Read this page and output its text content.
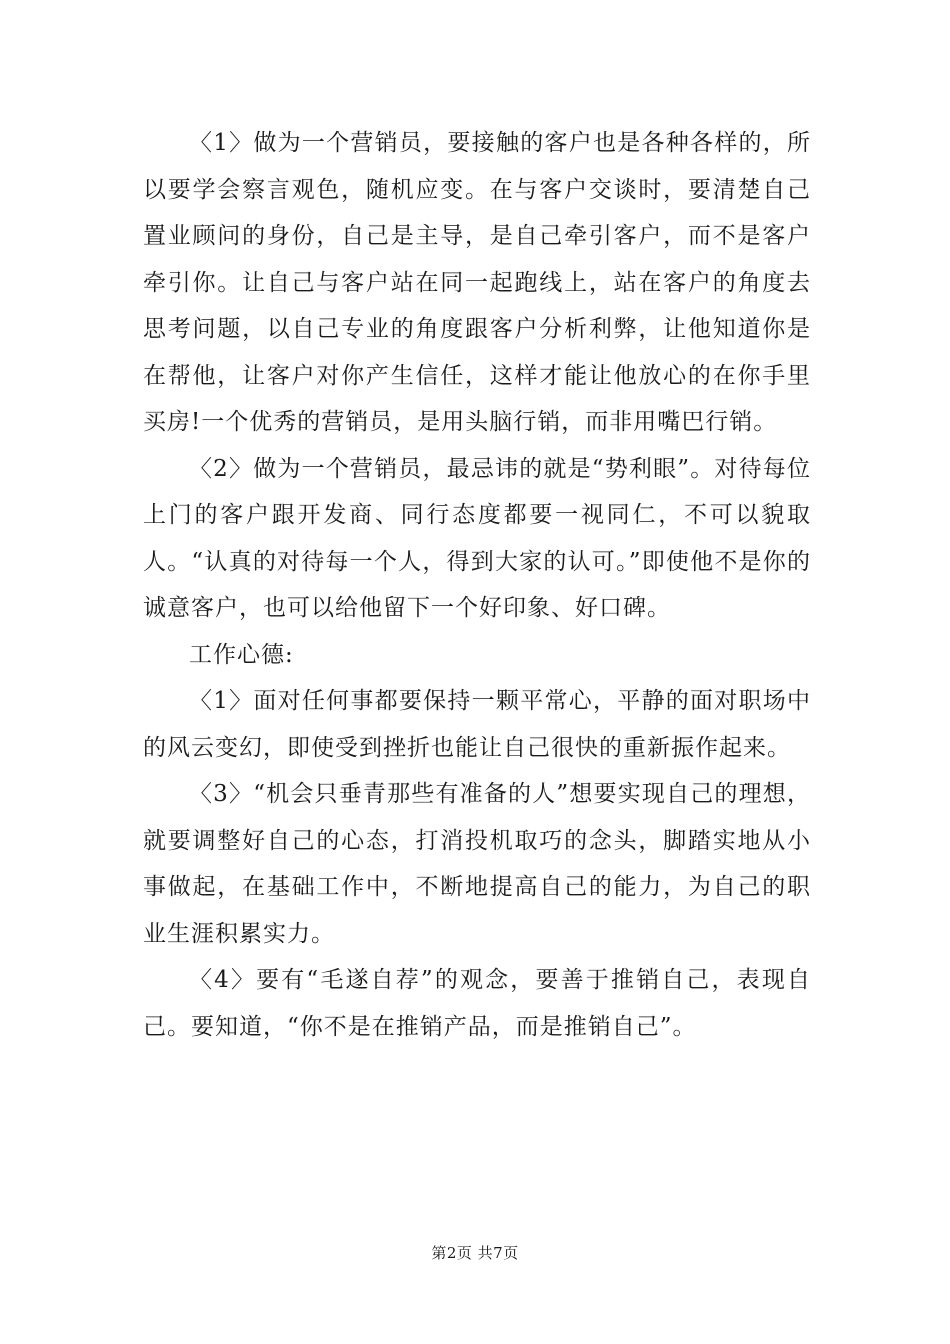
〈1〉做为一个营销员，要接触的客户也是各种各样的，所以要学会察言观色，随机应变。在与客户交谈时，要清楚自己置业顾问的身份，自己是主导，是自己牵引客户，而不是客户牵引你。让自己与客户站在同一起跑线上，站在客户的角度去思考问题，以自己专业的角度跟客户分析利弊，让他知道你是在帮他，让客户对你产生信任，这样才能让他放心的在你手里买房!一个优秀的营销员，是用头脑行销，而非用嘴巴行销。

〈2〉做为一个营销员，最忌讳的就是“势利眼”。对待每位上门的客户跟开发商、同行态度都要一视同仁，不可以貌取人。“认真的对待每一个人，得到大家的认可。”即使他不是你的诚意客户，也可以给他留下一个好印象、好口碑。

工作心德:

〈1〉面对任何事都要保持一颗平常心，平静的面对职场中的风云变幻，即使受到挫折也能让自己很快的重新振作起来。

〈3〉“机会只垂青那些有准备的人”想要实现自己的理想，就要调整好自己的心态，打消投机取巧的念头，脚踏实地从小事做起，在基础工作中，不断地提高自己的能力，为自己的职业生涯积累实力。

〈4〉要有“毛遂自荐”的观念，要善于推销自己，表现自己。要知道，“你不是在推销产品，而是推销自己”。

第2页 共7页
